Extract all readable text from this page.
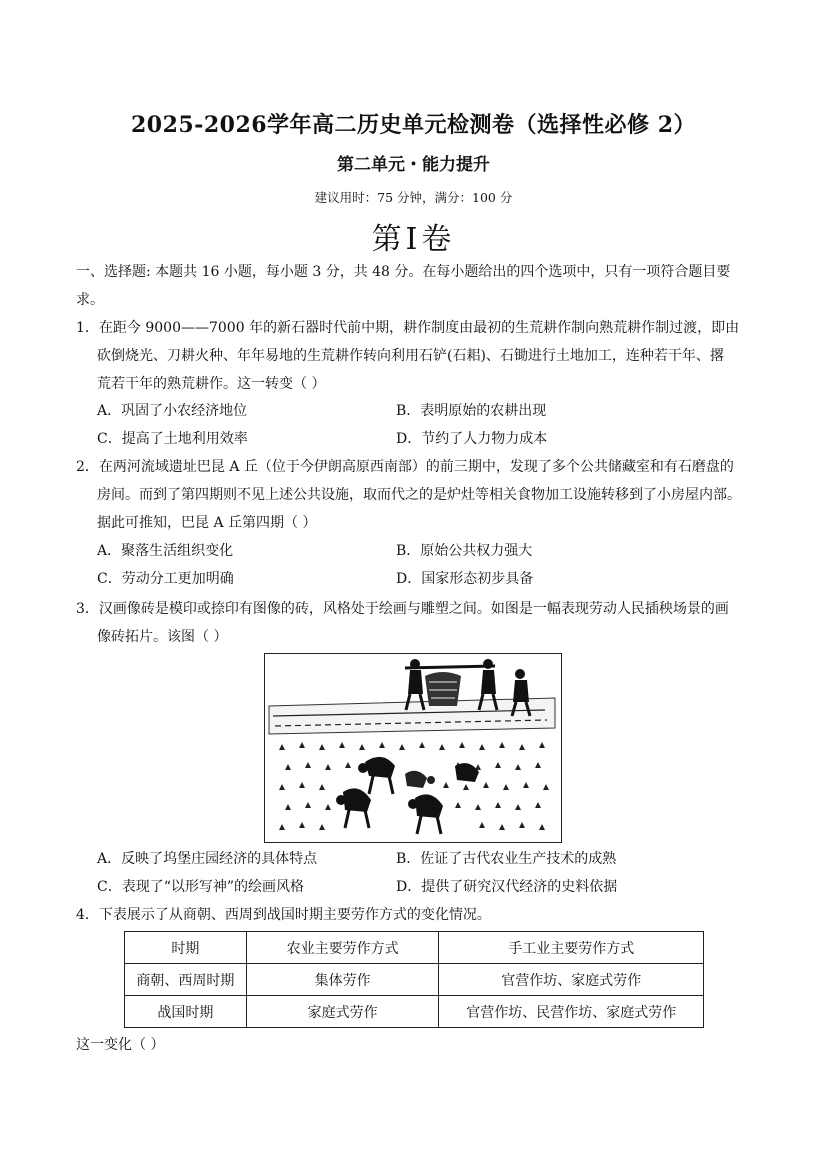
2025-2026学年高二历史单元检测卷（选择性必修 2）
第二单元・能力提升
建议用时：75 分钟，满分：100 分
第Ⅰ卷
一、选择题: 本题共 16 小题，每小题 3 分，共 48 分。在每小题给出的四个选项中，只有一项符合题目要
求。
1．在距今 9000——7000 年的新石器时代前中期，耕作制度由最初的生荒耕作制向熟荒耕作制过渡，即由
砍倒烧光、刀耕火种、年年易地的生荒耕作转向利用石铲(石耜)、石锄进行土地加工，连种若干年、撂
荒若干年的熟荒耕作。这一转变（ ）
A．巩固了小农经济地位	B．表明原始的农耕出现
C．提高了土地利用效率	D．节约了人力物力成本
2．在两河流域遗址巴昆 A 丘（位于今伊朗高原西南部）的前三期中，发现了多个公共储藏室和有石磨盘的
房间。而到了第四期则不见上述公共设施，取而代之的是炉灶等相关食物加工设施转移到了小房屋内部。
据此可推知，巴昆 A 丘第四期（ ）
A．聚落生活组织变化	B．原始公共权力强大
C．劳动分工更加明确	D．国家形态初步具备
3．汉画像砖是模印或捺印有图像的砖，风格处于绘画与雕塑之间。如图是一幅表现劳动人民插秧场景的画
像砖拓片。该图（ ）
A．反映了坞堡庄园经济的具体特点	B．佐证了古代农业生产技术的成熟
C．表现了“以形写神”的绘画风格	D．提供了研究汉代经济的史料依据
4．下表展示了从商朝、西周到战国时期主要劳作方式的变化情况。
时期	农业主要劳作方式	手工业主要劳作方式
商朝、西周时期	集体劳作	官营作坊、家庭式劳作
战国时期	家庭式劳作	官营作坊、民营作坊、家庭式劳作
这一变化（ ）
